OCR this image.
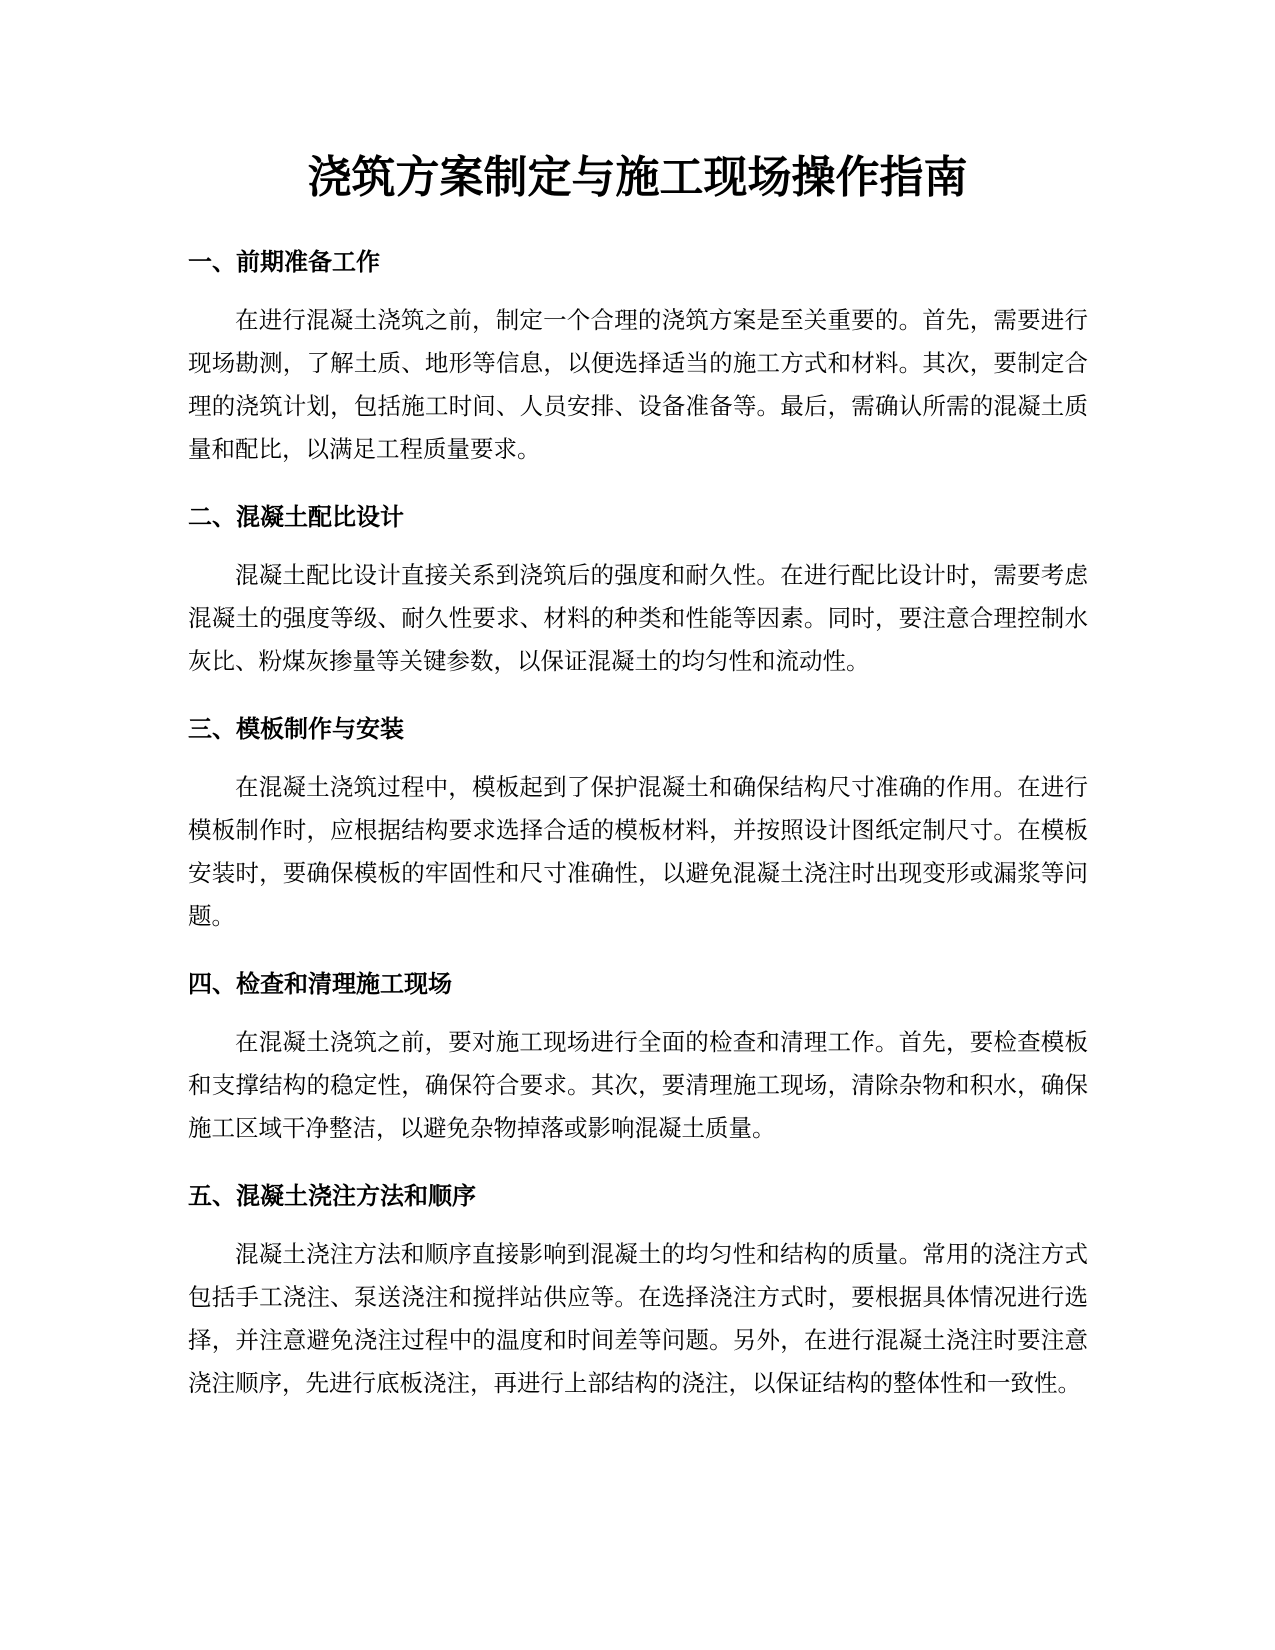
浇筑方案制定与施工现场操作指南
一、前期准备工作

在进行混凝土浇筑之前，制定一个合理的浇筑方案是至关重要的。首先，需要进行现场勘测，了解土质、地形等信息，以便选择适当的施工方式和材料。其次，要制定合理的浇筑计划，包括施工时间、人员安排、设备准备等。最后，需确认所需的混凝土质量和配比，以满足工程质量要求。

二、混凝土配比设计

混凝土配比设计直接关系到浇筑后的强度和耐久性。在进行配比设计时，需要考虑混凝土的强度等级、耐久性要求、材料的种类和性能等因素。同时，要注意合理控制水灰比、粉煤灰掺量等关键参数，以保证混凝土的均匀性和流动性。

三、模板制作与安装

在混凝土浇筑过程中，模板起到了保护混凝土和确保结构尺寸准确的作用。在进行模板制作时，应根据结构要求选择合适的模板材料，并按照设计图纸定制尺寸。在模板安装时，要确保模板的牢固性和尺寸准确性，以避免混凝土浇注时出现变形或漏浆等问题。

四、检查和清理施工现场

在混凝土浇筑之前，要对施工现场进行全面的检查和清理工作。首先，要检查模板和支撑结构的稳定性，确保符合要求。其次，要清理施工现场，清除杂物和积水，确保施工区域干净整洁，以避免杂物掉落或影响混凝土质量。

五、混凝土浇注方法和顺序

混凝土浇注方法和顺序直接影响到混凝土的均匀性和结构的质量。常用的浇注方式包括手工浇注、泵送浇注和搅拌站供应等。在选择浇注方式时，要根据具体情况进行选择，并注意避免浇注过程中的温度和时间差等问题。另外，在进行混凝土浇注时要注意浇注顺序，先进行底板浇注，再进行上部结构的浇注，以保证结构的整体性和一致性。
